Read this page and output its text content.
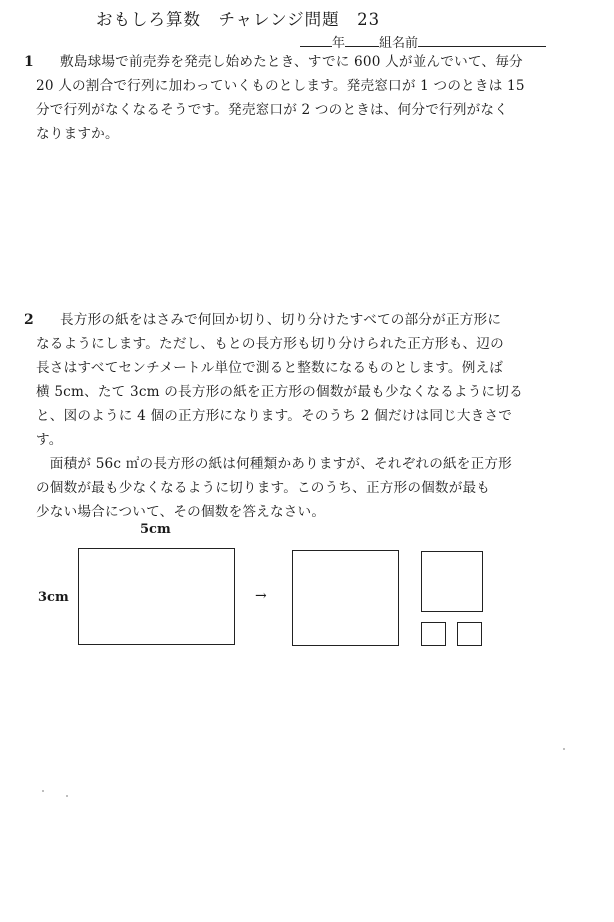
おもしろ算数　チャレンジ問題　23
年	組名前
1 敷島球場で前売券を発売し始めたとき、すでに 600 人が並んでいて、毎分
20 人の割合で行列に加わっていくものとします。発売窓口が 1 つのときは 15
分で行列がなくなるそうです。発売窓口が 2 つのときは、何分で行列がなく
なりますか。
2 長方形の紙をはさみで何回か切り、切り分けたすべての部分が正方形に
なるようにします。ただし、もとの長方形も切り分けられた正方形も、辺の
長さはすべてセンチメートル単位で測ると整数になるものとします。例えば
横 5cm、たて 3cm の長方形の紙を正方形の個数が最も少なくなるように切る
と、図のように 4 個の正方形になります。そのうち 2 個だけは同じ大きさで
す。
　面積が 56c ㎡の長方形の紙は何種類かありますが、それぞれの紙を正方形
の個数が最も少なくなるように切ります。このうち、正方形の個数が最も
少ない場合について、その個数を答えなさい。
5cm
3cm	→
